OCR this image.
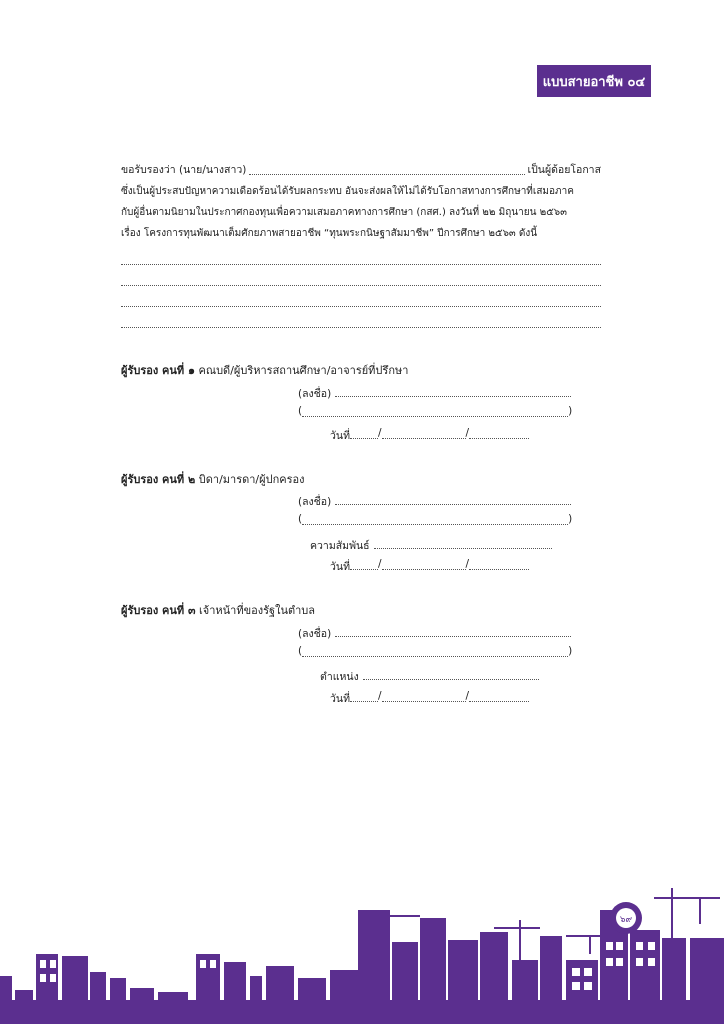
แบบสายอาชีพ ๐๔
ขอรับรองว่า (นาย/นางสาว)	เป็นผู้ด้อยโอกาส
ซึ่งเป็นผู้ประสบปัญหาความเดือดร้อนได้รับผลกระทบ อันจะส่งผลให้ไม่ได้รับโอกาสทางการศึกษาที่เสมอภาค
กับผู้อื่นตามนิยามในประกาศกองทุนเพื่อความเสมอภาคทางการศึกษา (กสศ.) ลงวันที่ ๒๒ มิถุนายน ๒๕๖๓
เรื่อง โครงการทุนพัฒนาเต็มศักยภาพสายอาชีพ “ทุนพระกนิษฐาสัมมาชีพ” ปีการศึกษา ๒๕๖๓ ดังนี้
ผู้รับรอง คนที่ ๑ คณบดี/ผู้บริหารสถานศึกษา/อาจารย์ที่ปรึกษา
(ลงชื่อ)
(	)
วันที่	/	/
ผู้รับรอง คนที่ ๒ บิดา/มารดา/ผู้ปกครอง
(ลงชื่อ)
(	)
ความสัมพันธ์
วันที่	/	/
ผู้รับรอง คนที่ ๓ เจ้าหน้าที่ของรัฐในตำบล
(ลงชื่อ)
(	)
ตำแหน่ง
วันที่	/	/
๖๙
